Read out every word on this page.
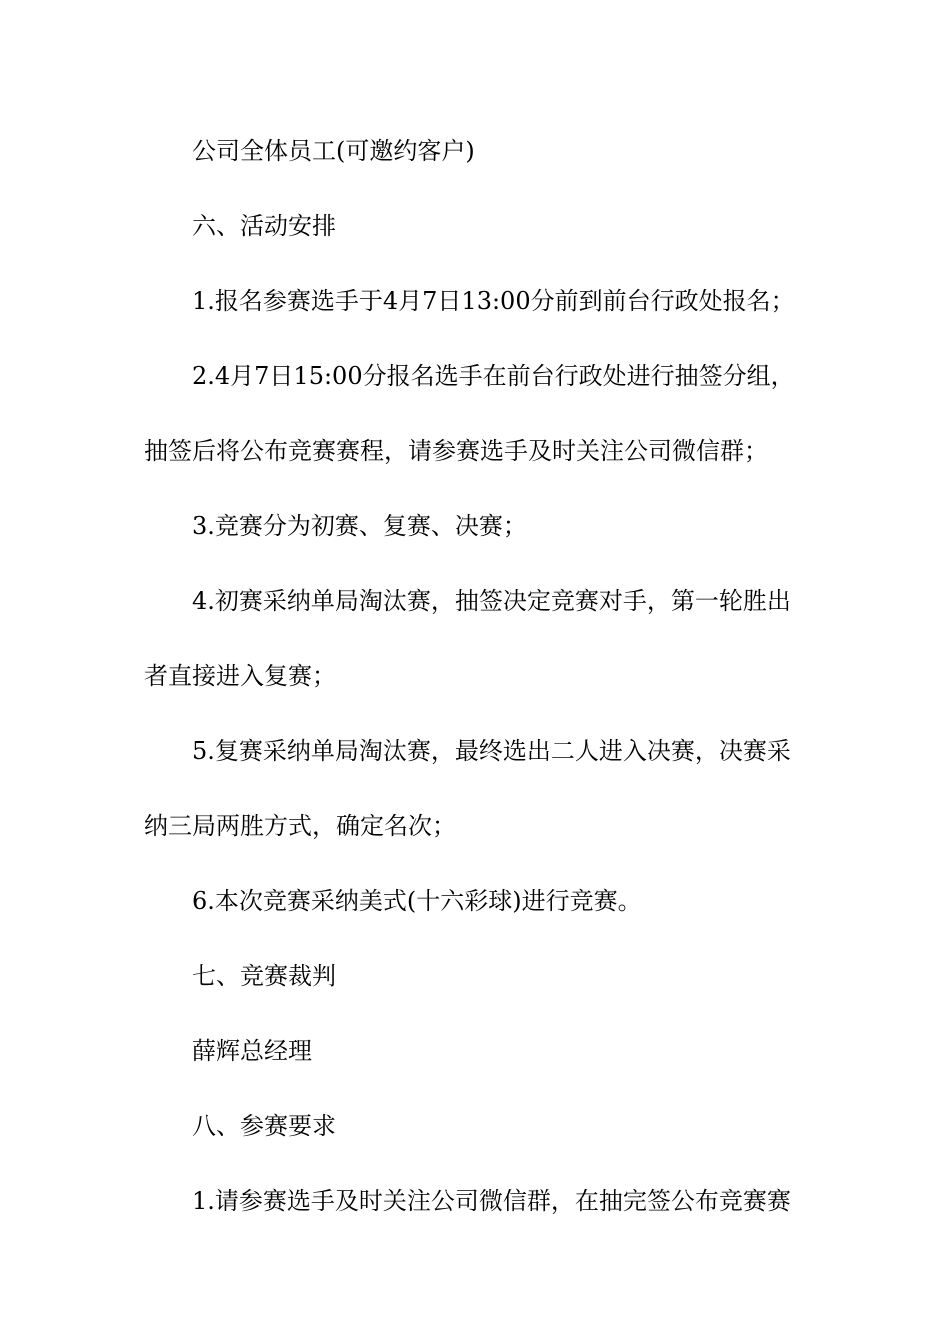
公司全体员工(可邀约客户)
六、活动安排
1.报名参赛选手于4月7日13:00分前到前台行政处报名；
2.4月7日15:00分报名选手在前台行政处进行抽签分组，
抽签后将公布竞赛赛程，请参赛选手及时关注公司微信群；
3.竞赛分为初赛、复赛、决赛；
4.初赛采纳单局淘汰赛，抽签决定竞赛对手，第一轮胜出
者直接进入复赛；
5.复赛采纳单局淘汰赛，最终选出二人进入决赛，决赛采
纳三局两胜方式，确定名次；
6.本次竞赛采纳美式(十六彩球)进行竞赛。
七、竞赛裁判
薛辉总经理
八、参赛要求
1.请参赛选手及时关注公司微信群，在抽完签公布竞赛赛
